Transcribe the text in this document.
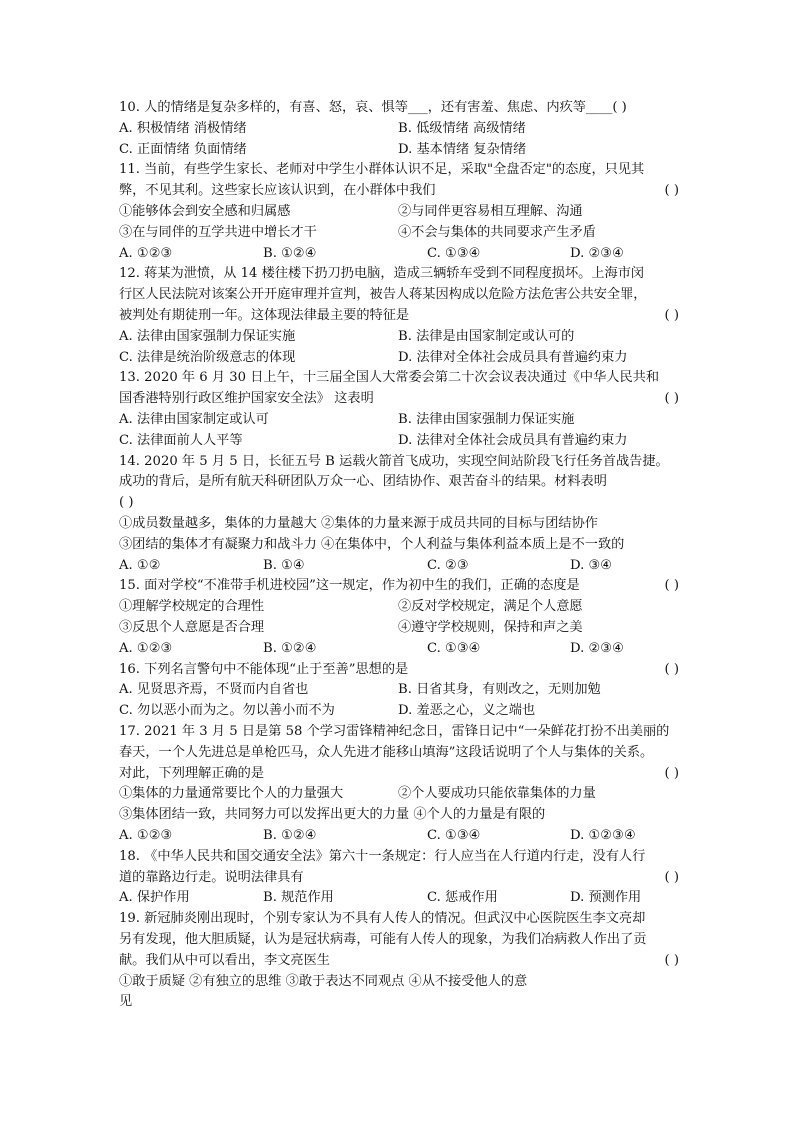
10. 人的情绪是复杂多样的，有喜、怒，哀、惧等___，还有害羞、焦虑、内疚等____( )
A. 积极情绪 消极情绪	B. 低级情绪 高级情绪
C. 正面情绪 负面情绪	D. 基本情绪 复杂情绪
11. 当前，有些学生家长、老师对中学生小群体认识不足，采取"全盘否定"的态度，只见其
弊，不见其利。这些家长应该认识到，在小群体中我们	( )
①能够体会到安全感和归属感	②与同伴更容易相互理解、沟通
③在与同伴的互学共进中增长才干	④不会与集体的共同要求产生矛盾
A. ①②③	B. ①②④	C. ①③④	D. ②③④
12. 蒋某为泄愤，从 14 楼往楼下扔刀扔电脑，造成三辆轿车受到不同程度损坏。上海市闵
行区人民法院对该案公开开庭审理并宣判，被告人蒋某因构成以危险方法危害公共安全罪，
被判处有期徒刑一年。这体现法律最主要的特征是	( )
A. 法律由国家强制力保证实施	B. 法律是由国家制定或认可的
C. 法律是统治阶级意志的体现	D. 法律对全体社会成员具有普遍约束力
13. 2020 年 6 月 30 日上午，十三届全国人大常委会第二十次会议表决通过《中华人民共和
国香港特别行政区维护国家安全法》 这表明	( )
A. 法律由国家制定或认可	B. 法律由国家强制力保证实施
C. 法律面前人人平等	D. 法律对全体社会成员具有普遍约束力
14. 2020 年 5 月 5 日，长征五号 B 运载火箭首飞成功，实现空间站阶段飞行任务首战告捷。
成功的背后，是所有航天科研团队万众一心、团结协作、艰苦奋斗的结果。材料表明
( )
①成员数量越多，集体的力量越大 ②集体的力量来源于成员共同的目标与团结协作
③团结的集体才有凝聚力和战斗力 ④在集体中，个人利益与集体利益本质上是不一致的
A. ①②	B. ①④	C. ②③	D. ③④
15. 面对学校“不准带手机进校园”这一规定，作为初中生的我们，正确的态度是	( )
①理解学校规定的合理性	②反对学校规定，满足个人意愿
③反思个人意愿是否合理	④遵守学校规则，保持和声之美
A. ①②③	B. ①②④	C. ①③④	D. ②③④
16. 下列名言警句中不能体现“止于至善”思想的是	( )
A. 见贤思齐焉，不贤而内自省也	B. 日省其身，有则改之，无则加勉
C. 勿以恶小而为之。勿以善小而不为	D. 羞恶之心，义之端也
17. 2021 年 3 月 5 日是第 58 个学习雷锋精神纪念日，雷锋日记中“一朵鲜花打扮不出美丽的
春天，一个人先进总是单枪匹马，众人先进才能移山填海”这段话说明了个人与集体的关系。
对此，下列理解正确的是	( )
①集体的力量通常要比个人的力量强大	②个人要成功只能依靠集体的力量
③集体团结一致，共同努力可以发挥出更大的力量 ④个人的力量是有限的
A. ①②③	B. ①②④	C. ①③④	D. ①②③④
18. 《中华人民共和国交通安全法》第六十一条规定：行人应当在人行道内行走，没有人行
道的靠路边行走。说明法律具有	( )
A. 保护作用	B. 规范作用	C. 惩戒作用	D. 预测作用
19. 新冠肺炎刚出现时，个别专家认为不具有人传人的情况。但武汉中心医院医生李文亮却
另有发现，他大胆质疑，认为是冠状病毒，可能有人传人的现象，为我们冶病救人作出了贡
献。我们从中可以看出，李文亮医生	( )
①敢于质疑 ②有独立的思维 ③敢于表达不同观点 ④从不接受他人的意
见
